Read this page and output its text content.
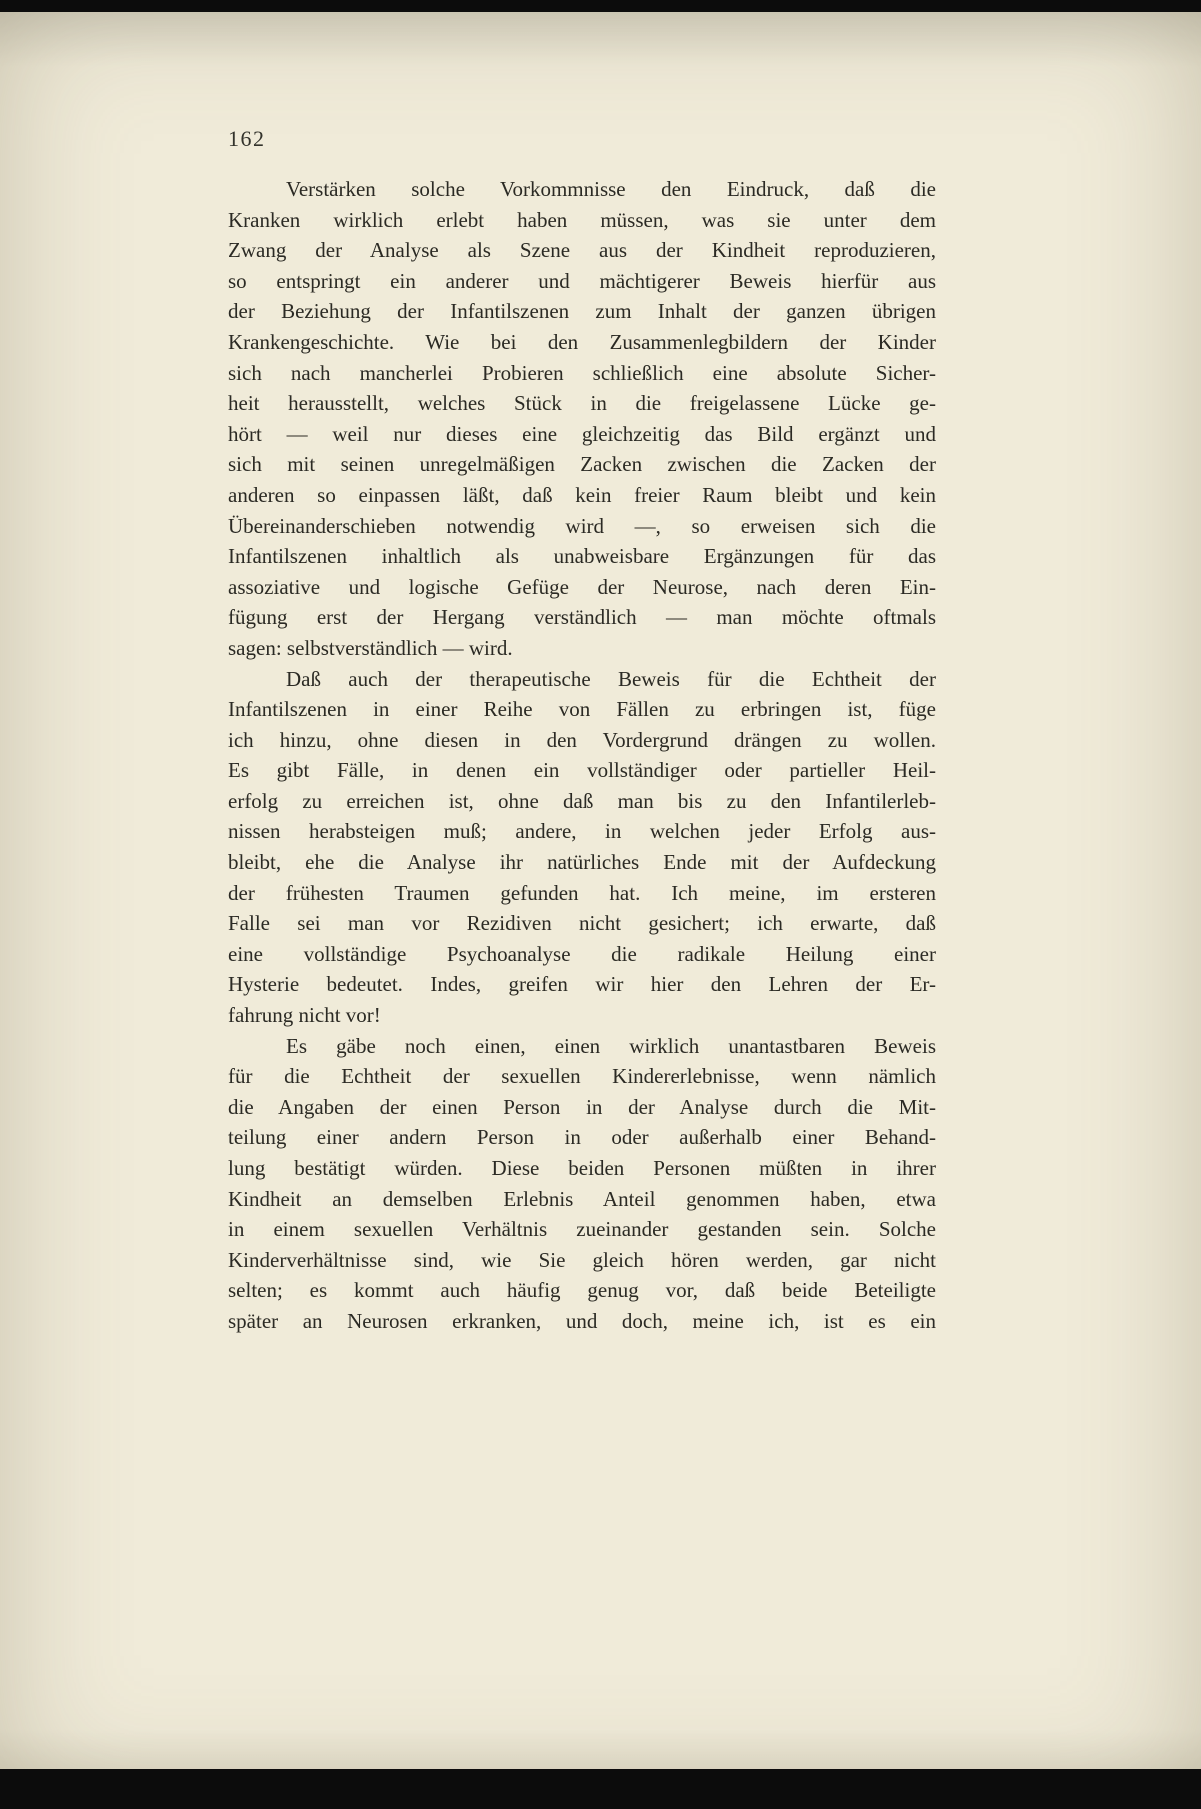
162
Verstärken solche Vorkommnisse den Eindruck, daß die
Kranken wirklich erlebt haben müssen, was sie unter dem
Zwang der Analyse als Szene aus der Kindheit reproduzieren,
so entspringt ein anderer und mächtigerer Beweis hierfür aus
der Beziehung der Infantilszenen zum Inhalt der ganzen übrigen
Krankengeschichte. Wie bei den Zusammenlegbildern der Kinder
sich nach mancherlei Probieren schließlich eine absolute Sicher-
heit herausstellt, welches Stück in die freigelassene Lücke ge-
hört — weil nur dieses eine gleichzeitig das Bild ergänzt und
sich mit seinen unregelmäßigen Zacken zwischen die Zacken der
anderen so einpassen läßt, daß kein freier Raum bleibt und kein
Übereinanderschieben notwendig wird —, so erweisen sich die
Infantilszenen inhaltlich als unabweisbare Ergänzungen für das
assoziative und logische Gefüge der Neurose, nach deren Ein-
fügung erst der Hergang verständlich — man möchte oftmals
sagen: selbstverständlich — wird.
Daß auch der therapeutische Beweis für die Echtheit der
Infantilszenen in einer Reihe von Fällen zu erbringen ist, füge
ich hinzu, ohne diesen in den Vordergrund drängen zu wollen.
Es gibt Fälle, in denen ein vollständiger oder partieller Heil-
erfolg zu erreichen ist, ohne daß man bis zu den Infantilerleb-
nissen herabsteigen muß; andere, in welchen jeder Erfolg aus-
bleibt, ehe die Analyse ihr natürliches Ende mit der Aufdeckung
der frühesten Traumen gefunden hat. Ich meine, im ersteren
Falle sei man vor Rezidiven nicht gesichert; ich erwarte, daß
eine vollständige Psychoanalyse die radikale Heilung einer
Hysterie bedeutet. Indes, greifen wir hier den Lehren der Er-
fahrung nicht vor!
Es gäbe noch einen, einen wirklich unantastbaren Beweis
für die Echtheit der sexuellen Kindererlebnisse, wenn nämlich
die Angaben der einen Person in der Analyse durch die Mit-
teilung einer andern Person in oder außerhalb einer Behand-
lung bestätigt würden. Diese beiden Personen müßten in ihrer
Kindheit an demselben Erlebnis Anteil genommen haben, etwa
in einem sexuellen Verhältnis zueinander gestanden sein. Solche
Kinderverhältnisse sind, wie Sie gleich hören werden, gar nicht
selten; es kommt auch häufig genug vor, daß beide Beteiligte
später an Neurosen erkranken, und doch, meine ich, ist es ein
